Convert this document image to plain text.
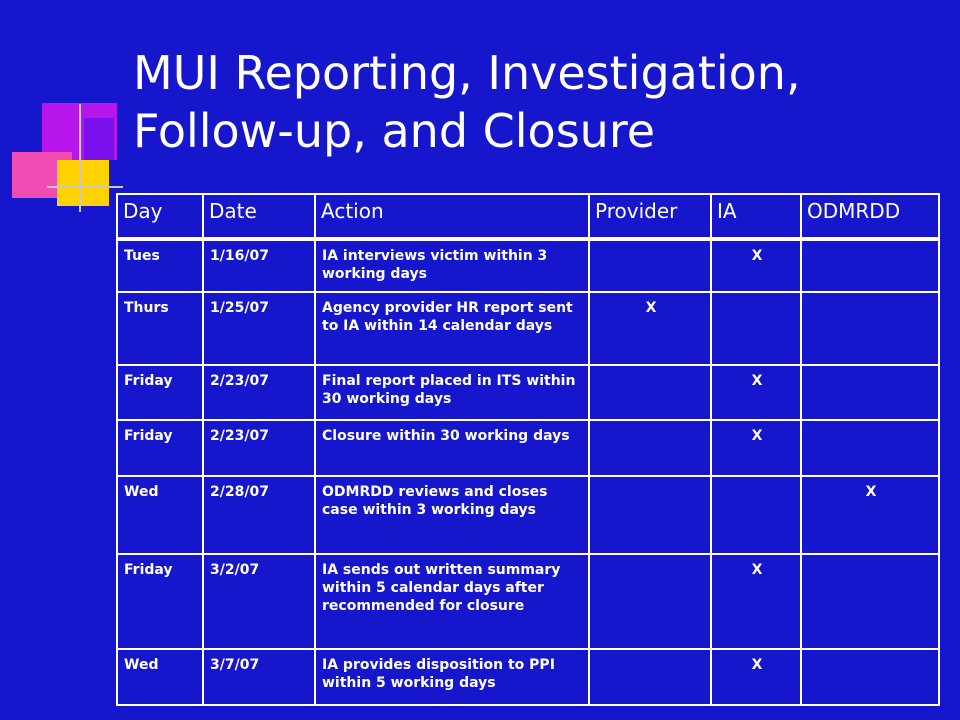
MUI Reporting, Investigation, Follow-up, and Closure
Day	Date	Action	Provider	IA	ODMRDD
Tues	1/16/07	IA interviews victim within 3 working days		X	
Thurs	1/25/07	Agency provider HR report sent to IA within 14 calendar days	X		
Friday	2/23/07	Final report placed in ITS within 30 working days		X	
Friday	2/23/07	Closure within 30 working days		X	
Wed	2/28/07	ODMRDD reviews and closes case within 3 working days			X
Friday	3/2/07	IA sends out written summary within 5 calendar days after recommended for closure		X	
Wed	3/7/07	IA provides disposition to PPI within 5 working days		X	
